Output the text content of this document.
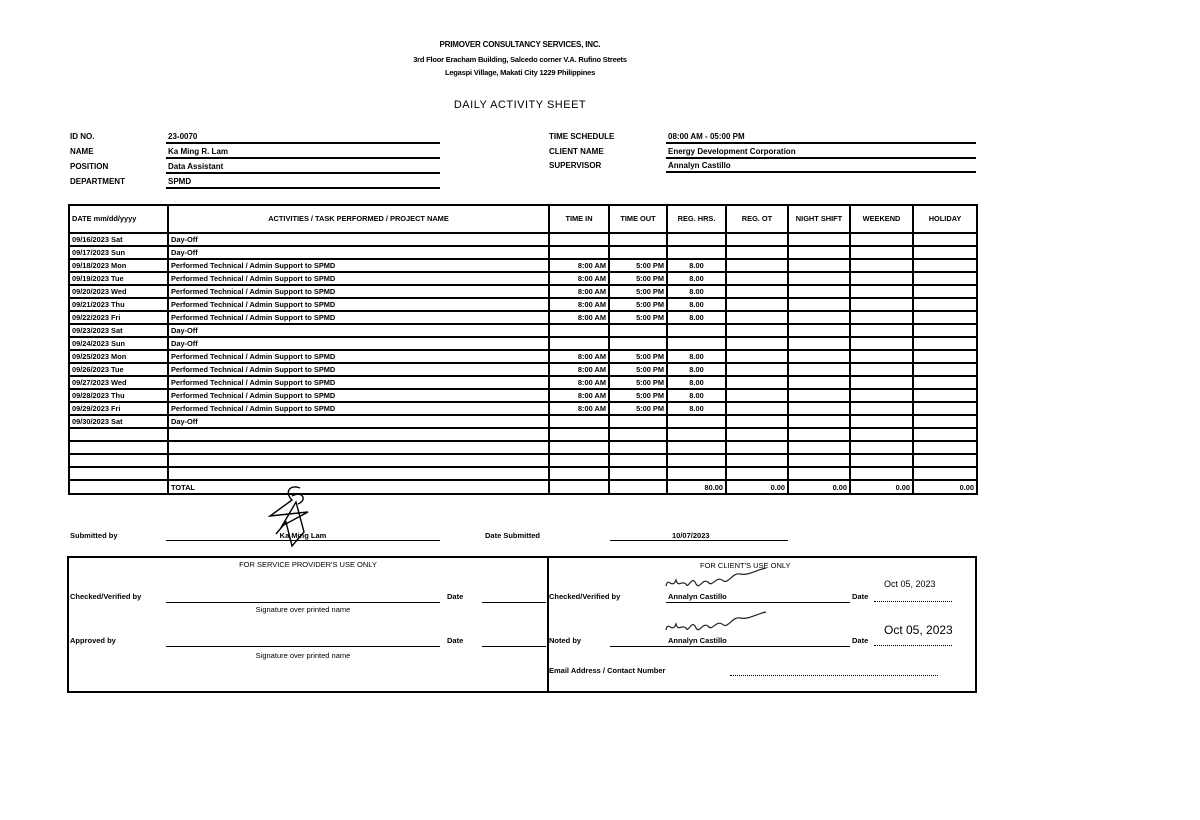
PRIMOVER CONSULTANCY SERVICES, INC.
3rd Floor Eracham Building, Salcedo corner V.A. Rufino Streets
Legaspi Village, Makati City 1229 Philippines
DAILY ACTIVITY SHEET
ID NO.	23-0070
NAME	Ka Ming R. Lam
POSITION	Data Assistant
DEPARTMENT	SPMD
TIME SCHEDULE	08:00 AM - 05:00 PM
CLIENT NAME	Energy Development Corporation
SUPERVISOR	Annalyn Castillo
DATE mm/dd/yyyy	ACTIVITIES / TASK PERFORMED / PROJECT NAME	TIME IN	TIME OUT	REG. HRS.	REG. OT	NIGHT SHIFT	WEEKEND	HOLIDAY
09/16/2023 Sat	Day-Off							
09/17/2023 Sun	Day-Off							
09/18/2023 Mon	Performed Technical / Admin Support to SPMD	8:00 AM	5:00 PM	8.00				
09/19/2023 Tue	Performed Technical / Admin Support to SPMD	8:00 AM	5:00 PM	8.00				
09/20/2023 Wed	Performed Technical / Admin Support to SPMD	8:00 AM	5:00 PM	8.00				
09/21/2023 Thu	Performed Technical / Admin Support to SPMD	8:00 AM	5:00 PM	8.00				
09/22/2023 Fri	Performed Technical / Admin Support to SPMD	8:00 AM	5:00 PM	8.00				
09/23/2023 Sat	Day-Off							
09/24/2023 Sun	Day-Off							
09/25/2023 Mon	Performed Technical / Admin Support to SPMD	8:00 AM	5:00 PM	8.00				
09/26/2023 Tue	Performed Technical / Admin Support to SPMD	8:00 AM	5:00 PM	8.00				
09/27/2023 Wed	Performed Technical / Admin Support to SPMD	8:00 AM	5:00 PM	8.00				
09/28/2023 Thu	Performed Technical / Admin Support to SPMD	8:00 AM	5:00 PM	8.00				
09/29/2023 Fri	Performed Technical / Admin Support to SPMD	8:00 AM	5:00 PM	8.00				
09/30/2023 Sat	Day-Off							

	TOTAL			80.00	0.00	0.00	0.00	0.00
Submitted by	Ka Ming Lam	Date Submitted	10/07/2023
FOR SERVICE PROVIDER'S USE ONLY
Checked/Verified by	Date
Signature over printed name
Approved by	Date
Signature over printed name
FOR CLIENT'S USE ONLY
Checked/Verified by	Annalyn Castillo	Date
Oct 05, 2023
Noted by	Annalyn Castillo	Date
Oct 05, 2023
Email Address / Contact Number
